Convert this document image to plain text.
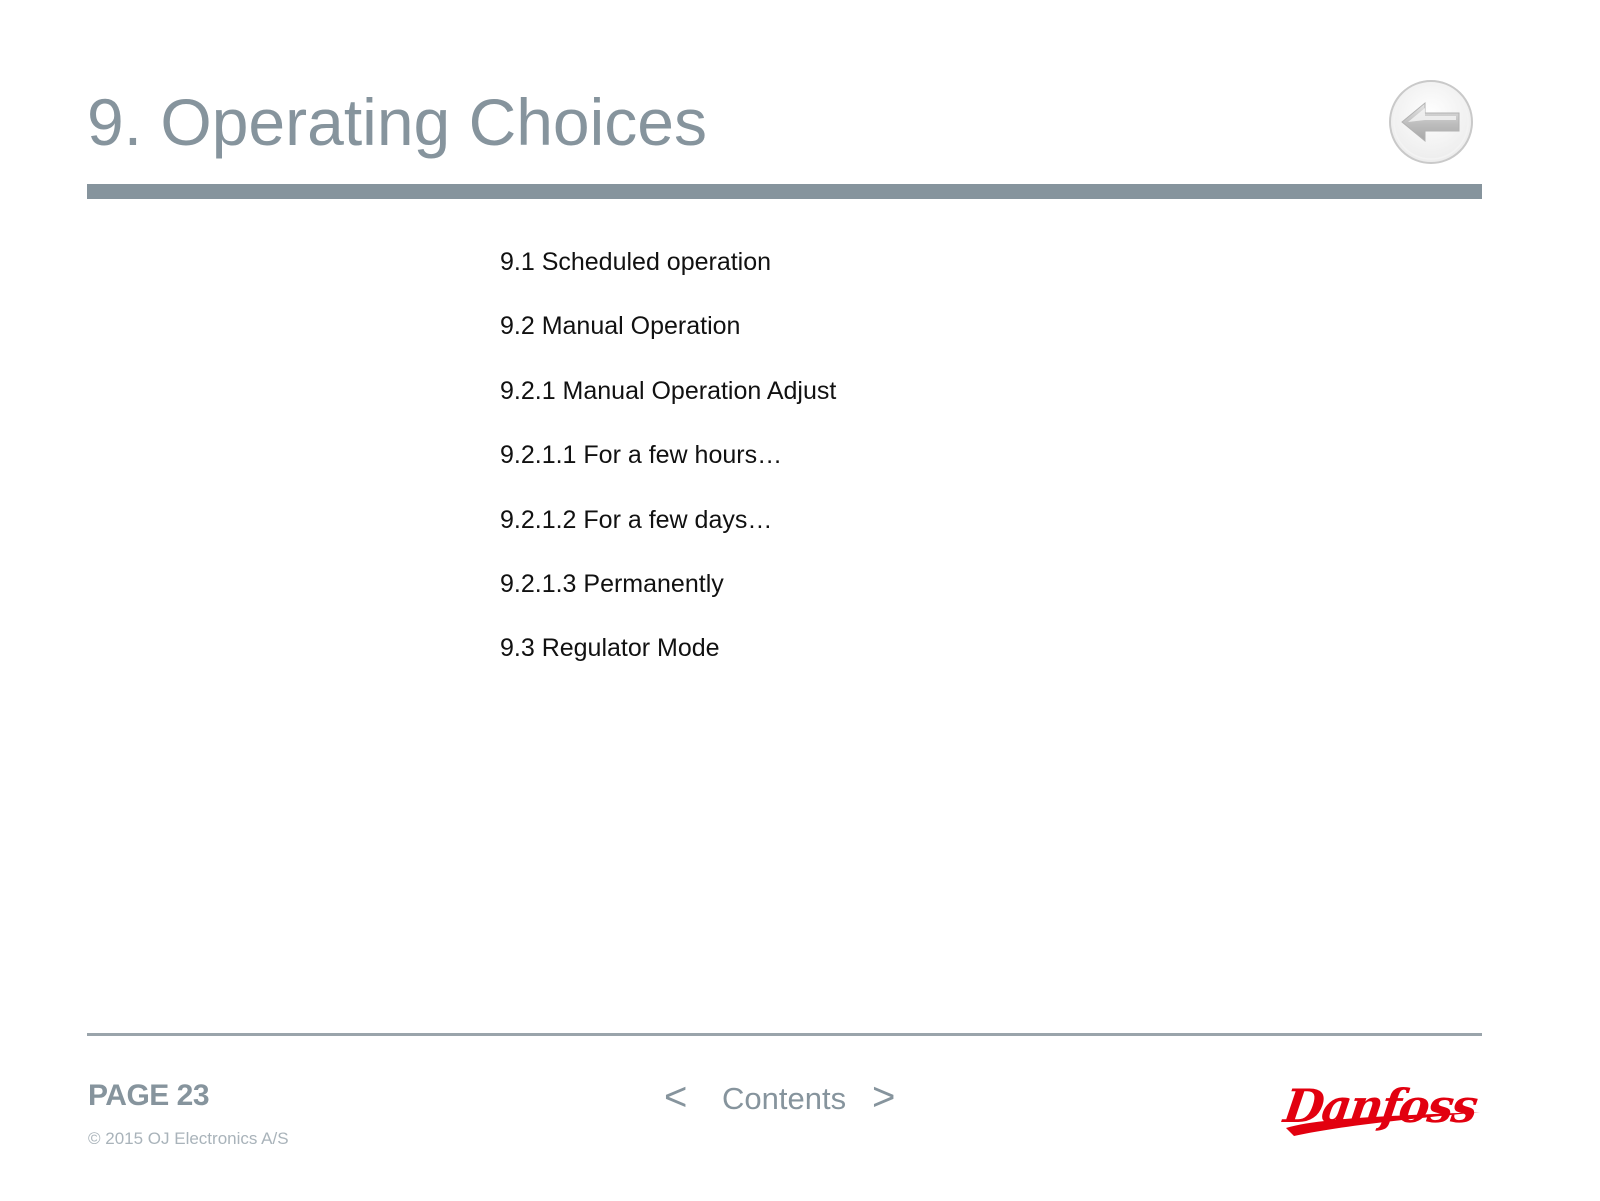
9. Operating Choices
9.1 Scheduled operation
9.2 Manual Operation
9.2.1 Manual Operation Adjust
9.2.1.1 For a few hours…
9.2.1.2 For a few days…
9.2.1.3 Permanently
9.3 Regulator Mode
PAGE 23
© 2015 OJ Electronics A/S
< Contents >	Danfoss
